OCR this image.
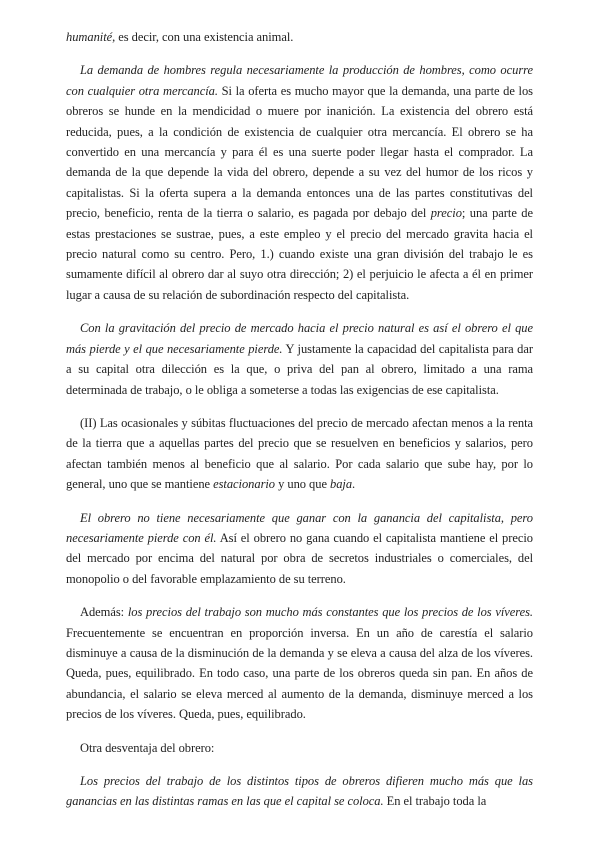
humanité, es decir, con una existencia animal.

La demanda de hombres regula necesariamente la producción de hombres, como ocurre con cualquier otra mercancía. Si la oferta es mucho mayor que la demanda, una parte de los obreros se hunde en la mendicidad o muere por inanición. La existencia del obrero está reducida, pues, a la condición de existencia de cualquier otra mercancía. El obrero se ha convertido en una mercancía y para él es una suerte poder llegar hasta el comprador. La demanda de la que depende la vida del obrero, depende a su vez del humor de los ricos y capitalistas. Si la oferta supera a la demanda entonces una de las partes constitutivas del precio, beneficio, renta de la tierra o salario, es pagada por debajo del precio; una parte de estas prestaciones se sustrae, pues, a este empleo y el precio del mercado gravita hacia el precio natural como su centro. Pero, 1.) cuando existe una gran división del trabajo le es sumamente difícil al obrero dar al suyo otra dirección; 2) el perjuicio le afecta a él en primer lugar a causa de su relación de subordinación respecto del capitalista.

Con la gravitación del precio de mercado hacia el precio natural es así el obrero el que más pierde y el que necesariamente pierde. Y justamente la capacidad del capitalista para dar a su capital otra dilección es la que, o priva del pan al obrero, limitado a una rama determinada de trabajo, o le obliga a someterse a todas las exigencias de ese capitalista.

(II) Las ocasionales y súbitas fluctuaciones del precio de mercado afectan menos a la renta de la tierra que a aquellas partes del precio que se resuelven en beneficios y salarios, pero afectan también menos al beneficio que al salario. Por cada salario que sube hay, por lo general, uno que se mantiene estacionario y uno que baja.

El obrero no tiene necesariamente que ganar con la ganancia del capitalista, pero necesariamente pierde con él. Así el obrero no gana cuando el capitalista mantiene el precio del mercado por encima del natural por obra de secretos industriales o comerciales, del monopolio o del favorable emplazamiento de su terreno.

Además: los precios del trabajo son mucho más constantes que los precios de los víveres. Frecuentemente se encuentran en proporción inversa. En un año de carestía el salario disminuye a causa de la disminución de la demanda y se eleva a causa del alza de los víveres. Queda, pues, equilibrado. En todo caso, una parte de los obreros queda sin pan. En años de abundancia, el salario se eleva merced al aumento de la demanda, disminuye merced a los precios de los víveres. Queda, pues, equilibrado.

Otra desventaja del obrero:

Los precios del trabajo de los distintos tipos de obreros difieren mucho más que las ganancias en las distintas ramas en las que el capital se coloca. En el trabajo toda la
